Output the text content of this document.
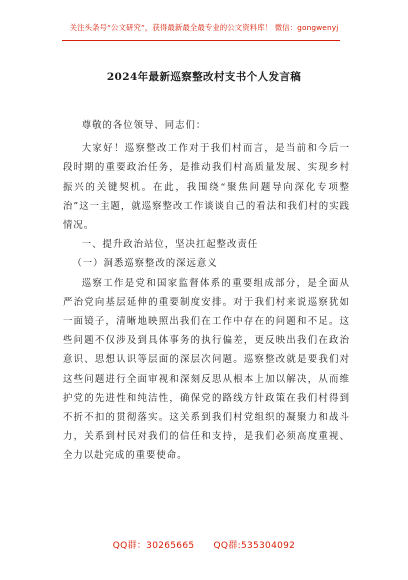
关注头条号“公文研究”，获得最新最全最专业的公文资料库！ 微信：gongwenyj
2024年最新巡察整改村支书个人发言稿

尊敬的各位领导、同志们：

大家好！巡察整改工作对于我们村而言，是当前和今后一段时期的重要政治任务，是推动我们村高质量发展、实现乡村振兴的关键契机。在此，我围绕“聚焦问题导向深化专项整治”这一主题，就巡察整改工作谈谈自己的看法和我们村的实践情况。

一、提升政治站位，坚决扛起整改责任

（一）洞悉巡察整改的深远意义

巡察工作是党和国家监督体系的重要组成部分，是全面从严治党向基层延伸的重要制度安排。对于我们村来说巡察犹如一面镜子，清晰地映照出我们在工作中存在的问题和不足。这些问题不仅涉及到具体事务的执行偏差，更反映出我们在政治意识、思想认识等层面的深层次问题。巡察整改就是要我们对这些问题进行全面审视和深刻反思从根本上加以解决，从而维护党的先进性和纯洁性，确保党的路线方针政策在我们村得到不折不扣的贯彻落实。这关系到我们村党组织的凝聚力和战斗力，关系到村民对我们的信任和支持，是我们必须高度重视、全力以赴完成的重要使命。

QQ群：30265665 QQ群:535304092
